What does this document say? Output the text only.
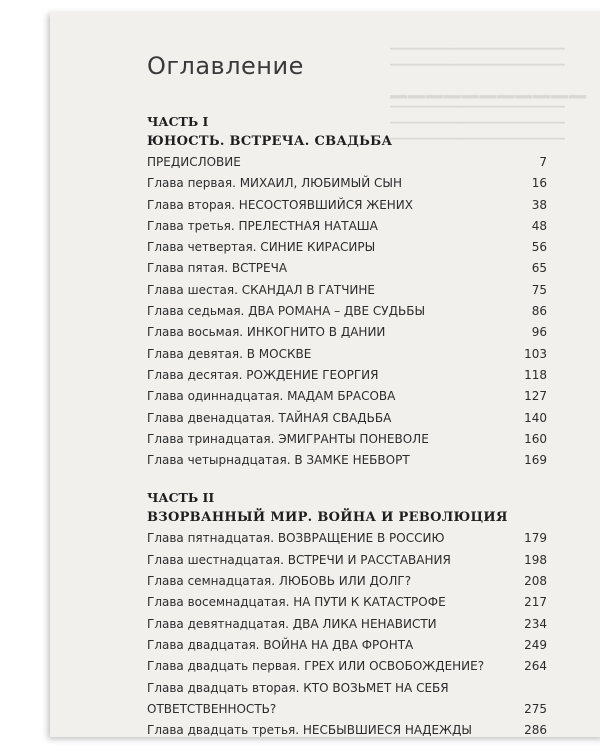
━━━━━━━━━━━━━━━━━━━━━━━━━━━━━
━━━━━━━━━━━━━━━━━━━━━━━━━━━━━
▁▁▁▁▁▁▁▁▁▁▁
━━━━━━━━━━━━━━━━━━━━━━━━━━━━━
━━━━━━━━━━━━━━━━━━━━━━━━━━━━━
━━━━━━━━━━━━━━━━━━━━━━━━━━━━━
Оглавление
ЧАСТЬ I
ЮНОСТЬ. ВСТРЕЧА. СВАДЬБА
ПРЕДИСЛОВИЕ	7
Глава первая. МИХАИЛ, ЛЮБИМЫЙ СЫН	16
Глава вторая. НЕСОСТОЯВШИЙСЯ ЖЕНИХ	38
Глава третья. ПРЕЛЕСТНАЯ НАТАША	48
Глава четвертая. СИНИЕ КИРАСИРЫ	56
Глава пятая. ВСТРЕЧА	65
Глава шестая. СКАНДАЛ В ГАТЧИНЕ	75
Глава седьмая. ДВА РОМАНА – ДВЕ СУДЬБЫ	86
Глава восьмая. ИНКОГНИТО В ДАНИИ	96
Глава девятая. В МОСКВЕ	103
Глава десятая. РОЖДЕНИЕ ГЕОРГИЯ	118
Глава одиннадцатая. МАДАМ БРАСОВА	127
Глава двенадцатая. ТАЙНАЯ СВАДЬБА	140
Глава тринадцатая. ЭМИГРАНТЫ ПОНЕВОЛЕ	160
Глава четырнадцатая. В ЗАМКЕ НЕБВОРТ	169
ЧАСТЬ II
ВЗОРВАННЫЙ МИР. ВОЙНА И РЕВОЛЮЦИЯ
Глава пятнадцатая. ВОЗВРАЩЕНИЕ В РОССИЮ	179
Глава шестнадцатая. ВСТРЕЧИ И РАССТАВАНИЯ	198
Глава семнадцатая. ЛЮБОВЬ ИЛИ ДОЛГ?	208
Глава восемнадцатая. НА ПУТИ К КАТАСТРОФЕ	217
Глава девятнадцатая. ДВА ЛИКА НЕНАВИСТИ	234
Глава двадцатая. ВОЙНА НА ДВА ФРОНТА	249
Глава двадцать первая. ГРЕХ ИЛИ ОСВОБОЖДЕНИЕ?	264
Глава двадцать вторая. КТО ВОЗЬМЕТ НА СЕБЯ
ОТВЕТСТВЕННОСТЬ?	275
Глава двадцать третья. НЕСБЫВШИЕСЯ НАДЕЖДЫ	286
